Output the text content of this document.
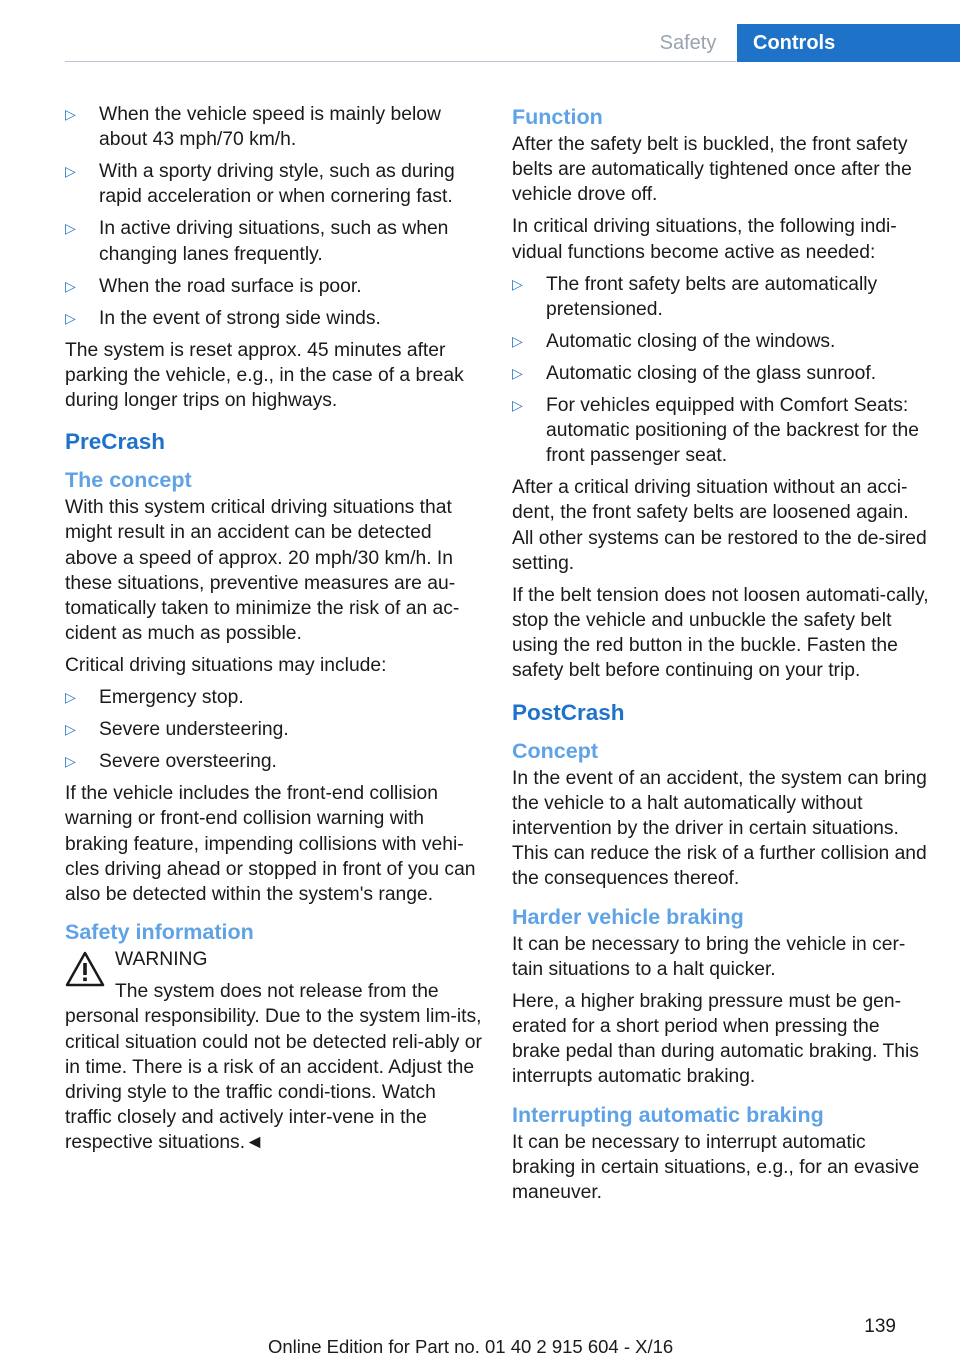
Safety	Controls
▷ When the vehicle speed is mainly below about 43 mph/70 km/h.
▷ With a sporty driving style, such as during rapid acceleration or when cornering fast.
▷ In active driving situations, such as when changing lanes frequently.
▷ When the road surface is poor.
▷ In the event of strong side winds.

The system is reset approx. 45 minutes after parking the vehicle, e.g., in the case of a break during longer trips on highways.

PreCrash
The concept

With this system critical driving situations that might result in an accident can be detected above a speed of approx. 20 mph/30 km/h. In these situations, preventive measures are au‐tomatically taken to minimize the risk of an ac‐cident as much as possible.

Critical driving situations may include:

▷ Emergency stop.
▷ Severe understeering.
▷ Severe oversteering.

If the vehicle includes the front-end collision warning or front-end collision warning with braking feature, impending collisions with vehi‐cles driving ahead or stopped in front of you can also be detected within the system's range.

Safety information
WARNING
The system does not release from the
personal responsibility. Due to the system lim‐its, critical situation could not be detected reli‐ably or in time. There is a risk of an accident. Adjust the driving style to the traffic condi‐tions. Watch traffic closely and actively inter‐vene in the respective situations.◄
Function

After the safety belt is buckled, the front safety belts are automatically tightened once after the vehicle drove off.

In critical driving situations, the following indi‐vidual functions become active as needed:

▷ The front safety belts are automatically pretensioned.
▷ Automatic closing of the windows.
▷ Automatic closing of the glass sunroof.
▷ For vehicles equipped with Comfort Seats: automatic positioning of the backrest for the front passenger seat.

After a critical driving situation without an acci‐dent, the front safety belts are loosened again. All other systems can be restored to the de‐sired setting.

If the belt tension does not loosen automati‐cally, stop the vehicle and unbuckle the safety belt using the red button in the buckle. Fasten the safety belt before continuing on your trip.

PostCrash
Concept

In the event of an accident, the system can bring the vehicle to a halt automatically without intervention by the driver in certain situations. This can reduce the risk of a further collision and the consequences thereof.

Harder vehicle braking

It can be necessary to bring the vehicle in cer‐tain situations to a halt quicker.

Here, a higher braking pressure must be gen‐erated for a short period when pressing the brake pedal than during automatic braking. This interrupts automatic braking.

Interrupting automatic braking

It can be necessary to interrupt automatic braking in certain situations, e.g., for an evasive maneuver.

139
Online Edition for Part no. 01 40 2 915 604 - X/16
